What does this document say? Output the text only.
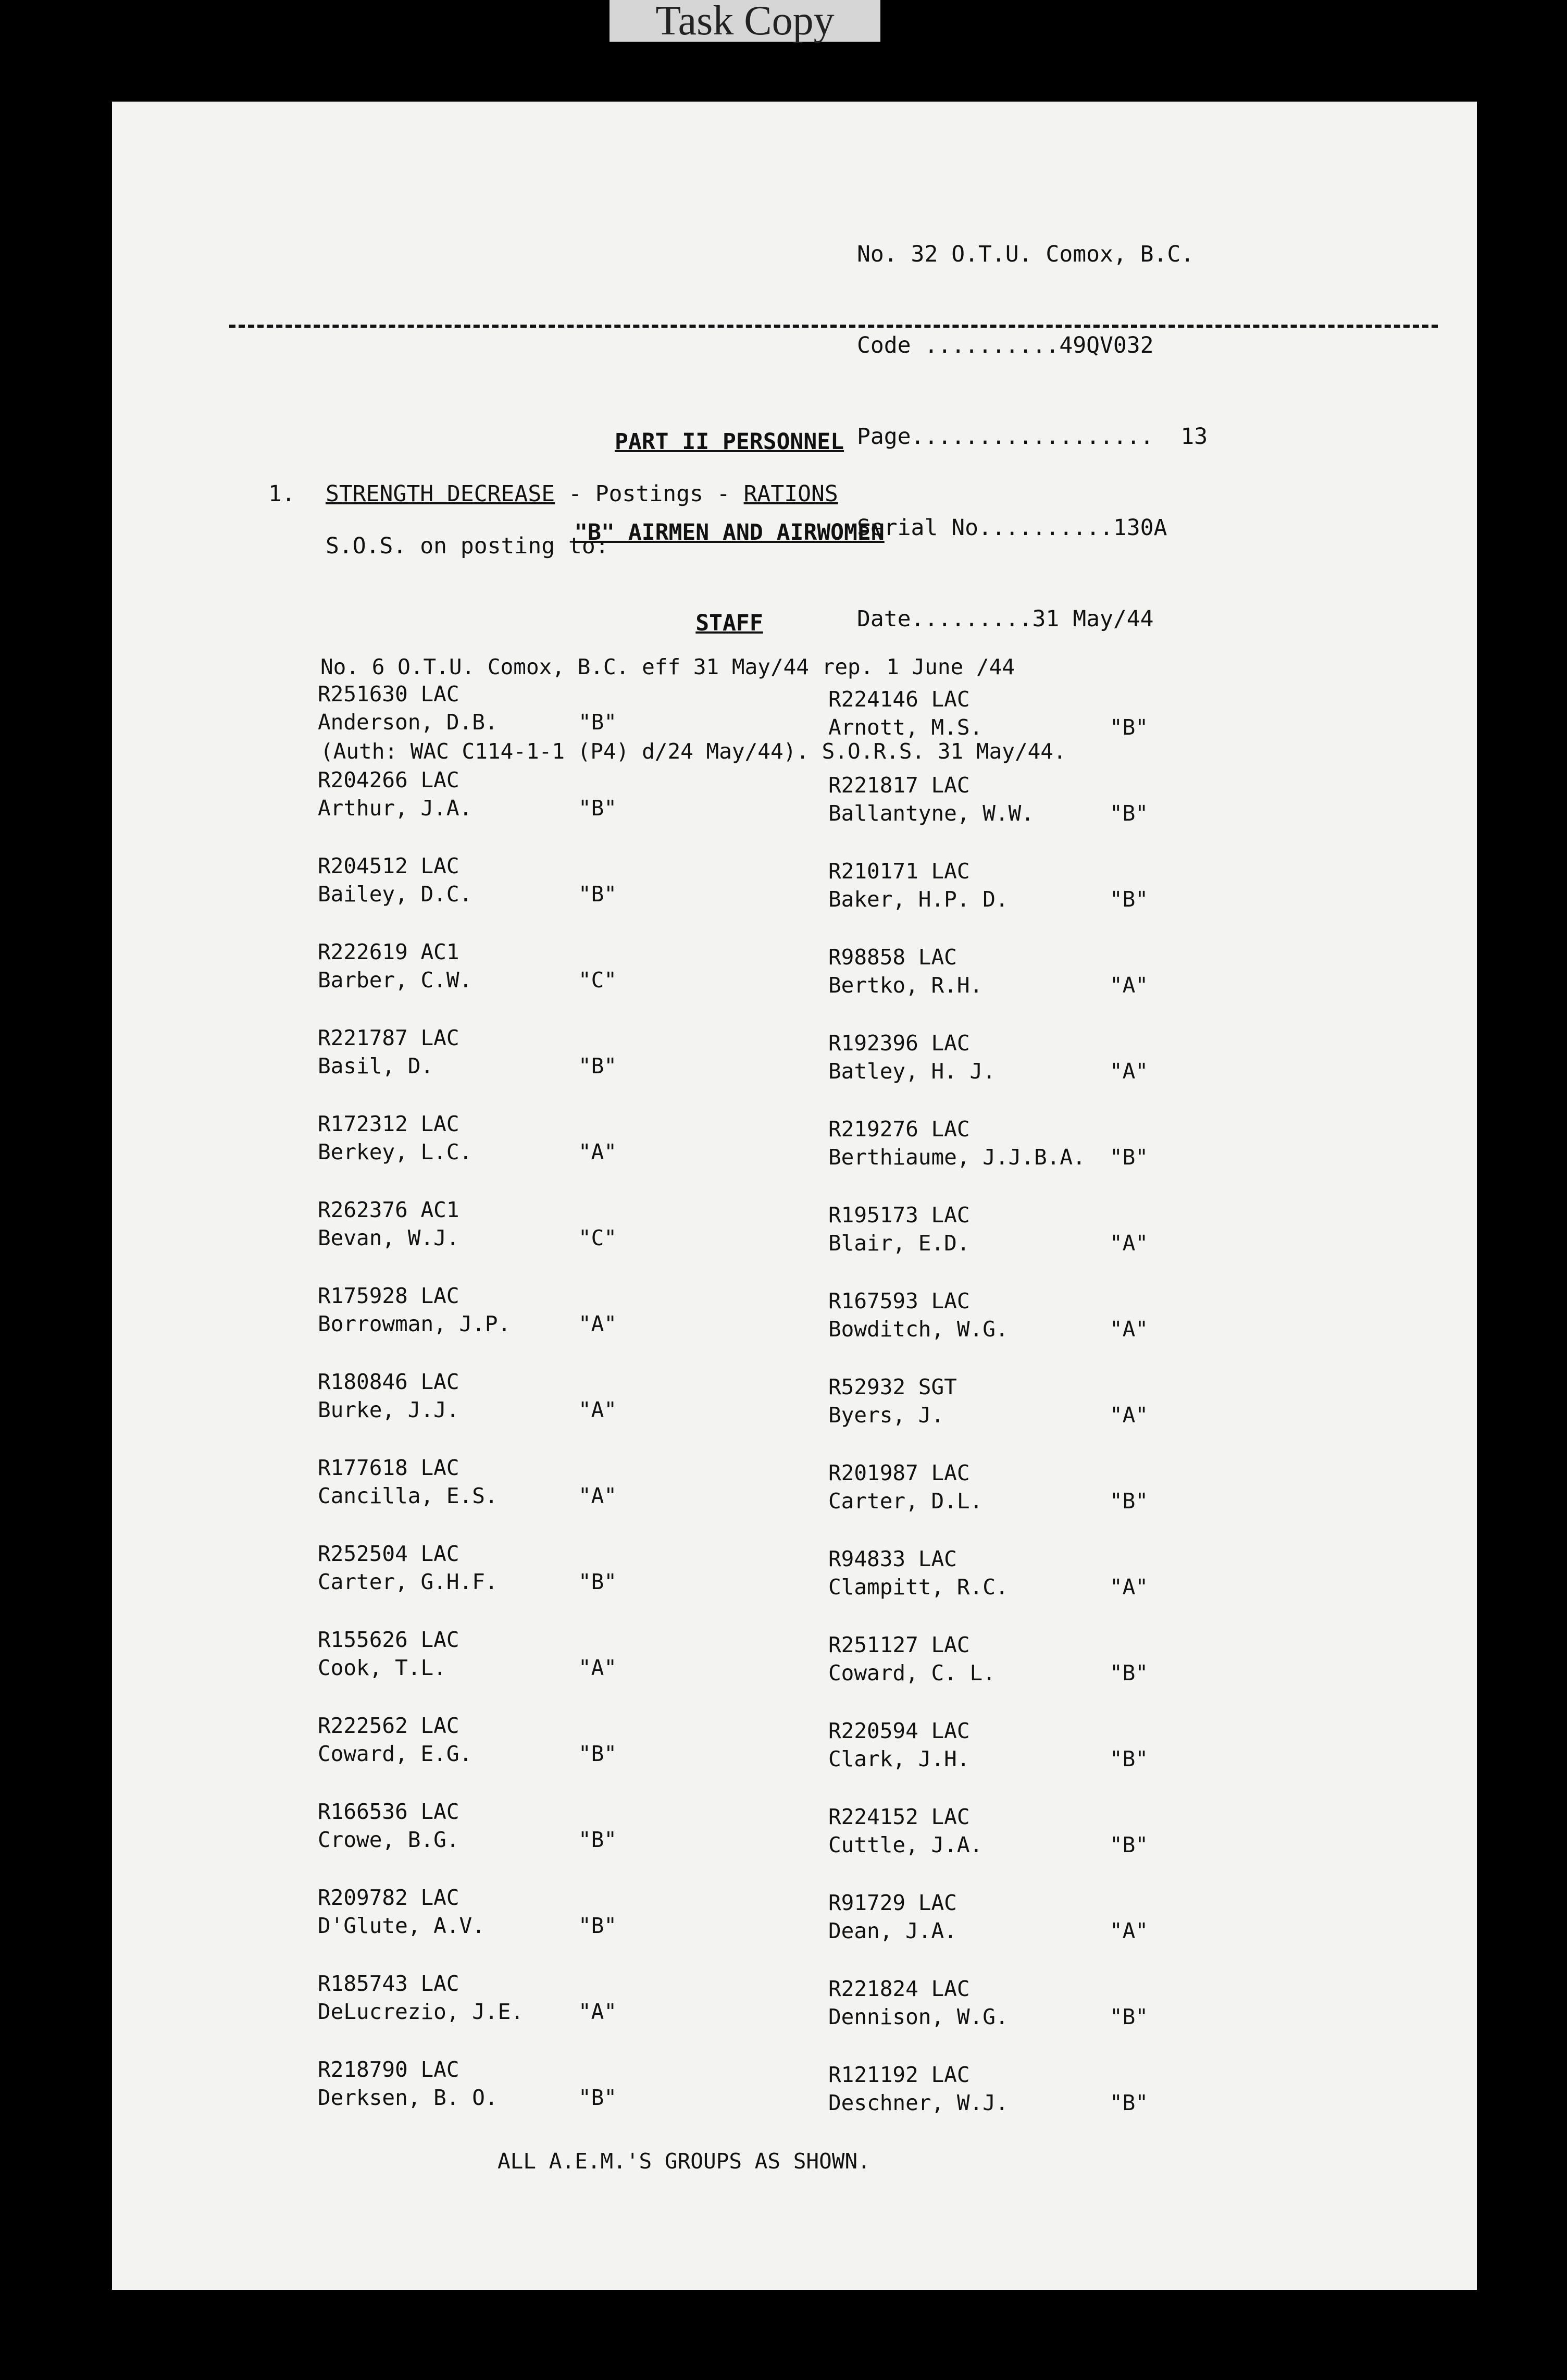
Task Copy

No. 32 O.T.U. Comox, B.C.

Code ..........49QV032

Page..................  13

Serial No..........130A

Date.........31 May/44

PART II PERSONNEL

"B" AIRMEN AND AIRWOMEN

STAFF

1.

STRENGTH DECREASE - Postings - RATIONS

S.O.S. on posting to:

No. 6 O.T.U. Comox, B.C. eff 31 May/44 rep. 1 June /44

(Auth: WAC C114-1-1 (P4) d/24 May/44). S.O.R.S. 31 May/44.

R251630 LAC
Anderson, D.B.	"B"
R204266 LAC
Arthur, J.A.	"B"
R204512 LAC
Bailey, D.C.	"B"
R222619 AC1
Barber, C.W.	"C"
R221787 LAC
Basil, D.	"B"
R172312 LAC
Berkey, L.C.	"A"
R262376 AC1
Bevan, W.J.	"C"
R175928 LAC
Borrowman, J.P.	"A"
R180846 LAC
Burke, J.J.	"A"
R177618 LAC
Cancilla, E.S.	"A"
R252504 LAC
Carter, G.H.F.	"B"
R155626 LAC
Cook, T.L.	"A"
R222562 LAC
Coward, E.G.	"B"
R166536 LAC
Crowe, B.G.	"B"
R209782 LAC
D'Glute, A.V.	"B"
R185743 LAC
DeLucrezio, J.E.	"A"
R218790 LAC
Derksen, B. O.	"B"
R224146 LAC
Arnott, M.S.	"B"
R221817 LAC
Ballantyne, W.W.	"B"
R210171 LAC
Baker, H.P. D.	"B"
R98858 LAC
Bertko, R.H.	"A"
R192396 LAC
Batley, H. J.	"A"
R219276 LAC
Berthiaume, J.J.B.A. "B"
R195173 LAC
Blair, E.D.	"A"
R167593 LAC
Bowditch, W.G.	"A"
R52932 SGT
Byers, J.	"A"
R201987 LAC
Carter, D.L.	"B"
R94833 LAC
Clampitt, R.C.	"A"
R251127 LAC
Coward, C. L.	"B"
R220594 LAC
Clark, J.H.	"B"
R224152 LAC
Cuttle, J.A.	"B"
R91729 LAC
Dean, J.A.	"A"
R221824 LAC
Dennison, W.G.	"B"
R121192 LAC
Deschner, W.J.	"B"
ALL A.E.M.'S GROUPS AS SHOWN.
